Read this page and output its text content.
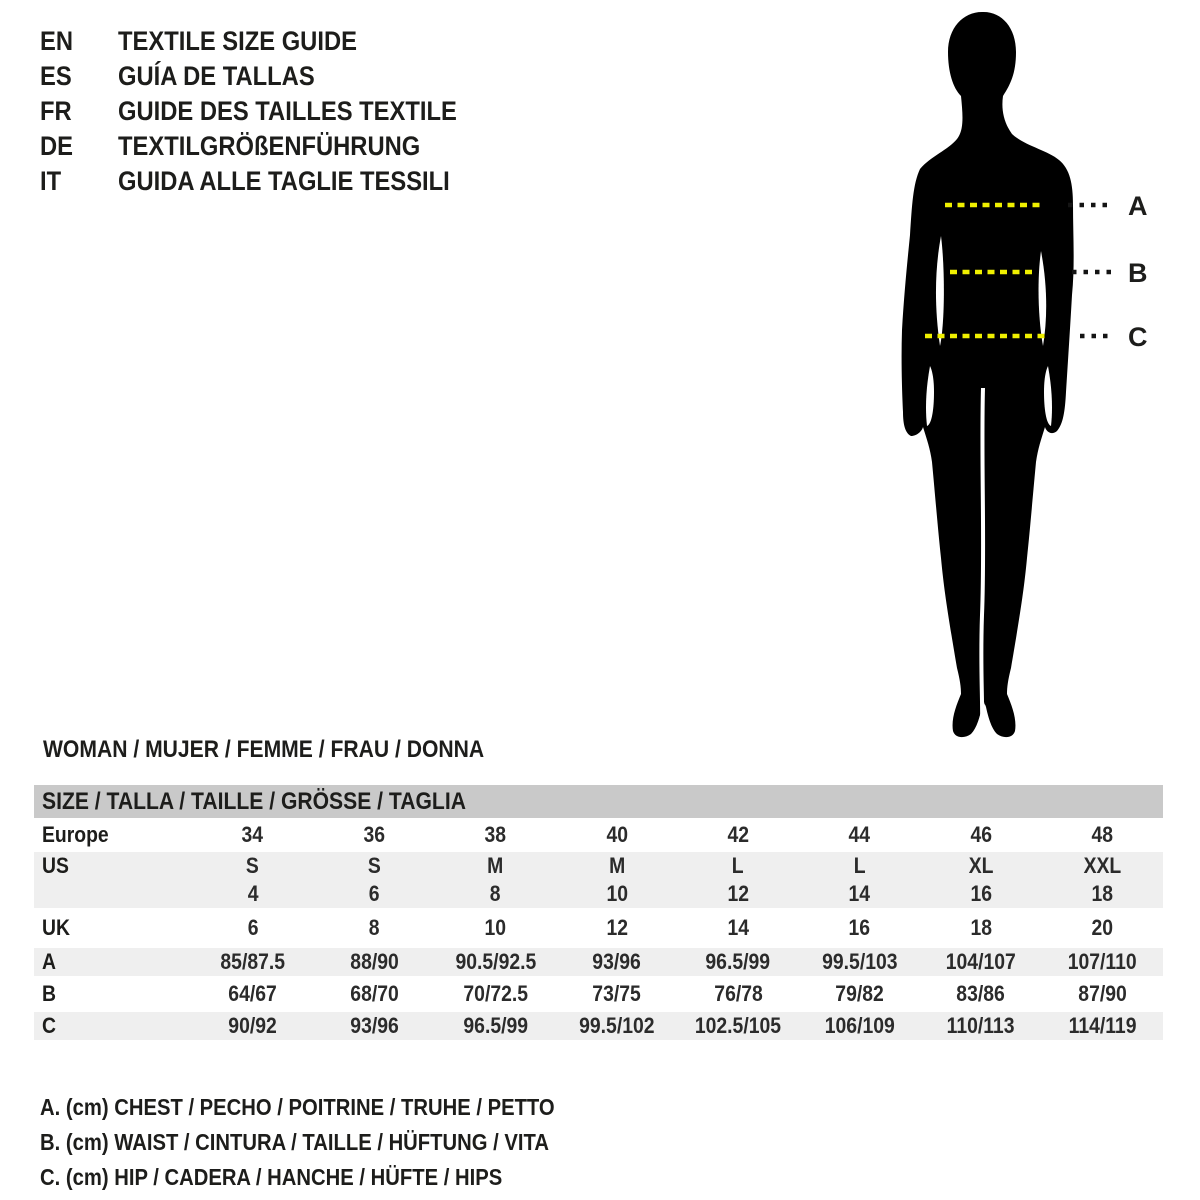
EN	TEXTILE SIZE GUIDE
ES	GUÍA DE TALLAS
FR	GUIDE DES TAILLES TEXTILE
DE	TEXTILGRÖßENFÜHRUNG
IT	GUIDA ALLE TAGLIE TESSILI
A
B
C
WOMAN / MUJER / FEMME / FRAU / DONNA
SIZE / TALLA / TAILLE / GRÖSSE / TAGLIA
Europe	34	36	38	40	42	44	46	48
US	S	S	M	M	L	L	XL	XXL
4	6	8	10	12	14	16	18
UK	6	8	10	12	14	16	18	20
A	85/87.5	88/90	90.5/92.5	93/96	96.5/99 99.5/103 104/107 107/110
B	64/67	68/70	70/72.5	73/75	76/78	79/82	83/86	87/90
C	90/92	93/96	96.5/99 99.5/102 102.5/105 106/109 110/113 114/119
A. (cm) CHEST / PECHO / POITRINE / TRUHE / PETTO
B. (cm) WAIST / CINTURA / TAILLE / HÜFTUNG / VITA
C. (cm) HIP / CADERA / HANCHE / HÜFTE / HIPS
